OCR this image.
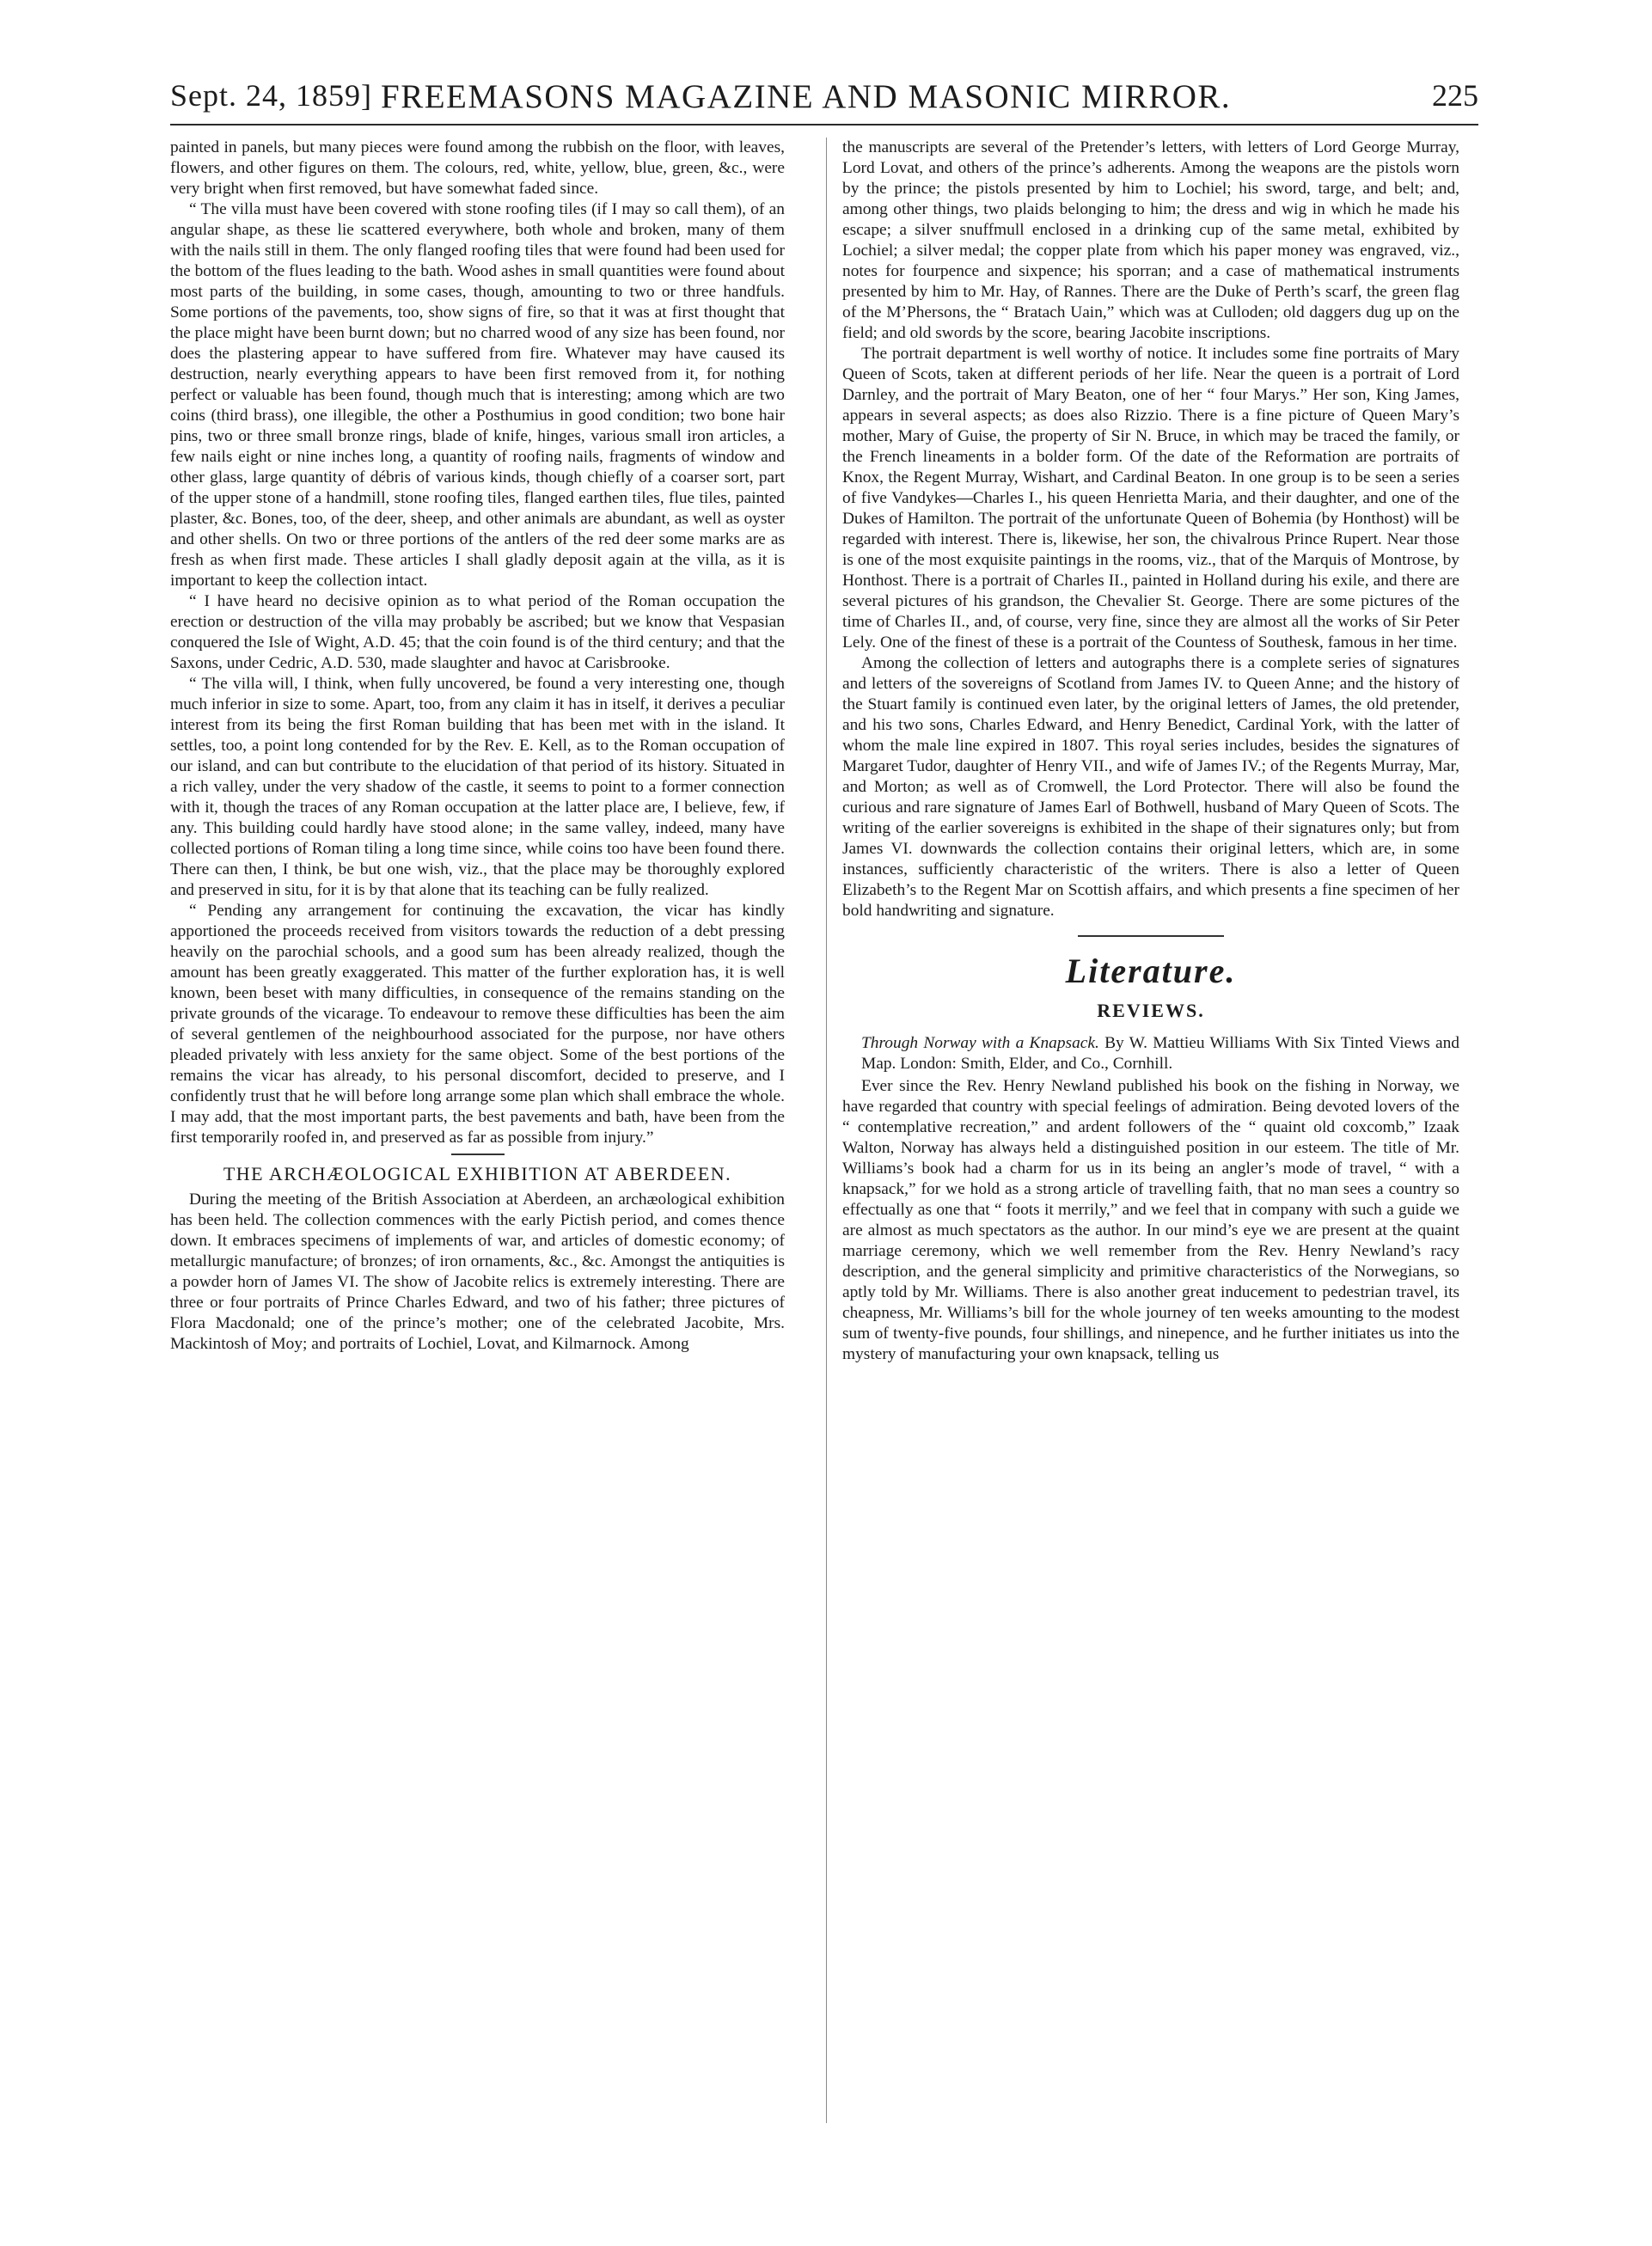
Sept. 24, 1859] FREEMASONS MAGAZINE AND MASONIC MIRROR.	225

painted in panels, but many pieces were found among the rubbish on the floor, with leaves, flowers, and other figures on them. The colours, red, white, yellow, blue, green, &c., were very bright when first removed, but have somewhat faded since.

“ The villa must have been covered with stone roofing tiles (if I may so call them), of an angular shape, as these lie scattered everywhere, both whole and broken, many of them with the nails still in them. The only flanged roofing tiles that were found had been used for the bottom of the flues leading to the bath. Wood ashes in small quantities were found about most parts of the building, in some cases, though, amounting to two or three handfuls. Some portions of the pavements, too, show signs of fire, so that it was at first thought that the place might have been burnt down; but no charred wood of any size has been found, nor does the plastering appear to have suffered from fire. Whatever may have caused its destruction, nearly everything appears to have been first removed from it, for nothing perfect or valuable has been found, though much that is interesting; among which are two coins (third brass), one illegible, the other a Posthumius in good condition; two bone hair pins, two or three small bronze rings, blade of knife, hinges, various small iron articles, a few nails eight or nine inches long, a quantity of roofing nails, fragments of window and other glass, large quantity of débris of various kinds, though chiefly of a coarser sort, part of the upper stone of a handmill, stone roofing tiles, flanged earthen tiles, flue tiles, painted plaster, &c. Bones, too, of the deer, sheep, and other animals are abundant, as well as oyster and other shells. On two or three portions of the antlers of the red deer some marks are as fresh as when first made. These articles I shall gladly deposit again at the villa, as it is important to keep the collection intact.

“ I have heard no decisive opinion as to what period of the Roman occupation the erection or destruction of the villa may probably be ascribed; but we know that Vespasian conquered the Isle of Wight, A.D. 45; that the coin found is of the third century; and that the Saxons, under Cedric, A.D. 530, made slaughter and havoc at Carisbrooke.

“ The villa will, I think, when fully uncovered, be found a very interesting one, though much inferior in size to some. Apart, too, from any claim it has in itself, it derives a peculiar interest from its being the first Roman building that has been met with in the island. It settles, too, a point long contended for by the Rev. E. Kell, as to the Roman occupation of our island, and can but contribute to the elucidation of that period of its history. Situated in a rich valley, under the very shadow of the castle, it seems to point to a former connection with it, though the traces of any Roman occupation at the latter place are, I believe, few, if any. This building could hardly have stood alone; in the same valley, indeed, many have collected portions of Roman tiling a long time since, while coins too have been found there. There can then, I think, be but one wish, viz., that the place may be thoroughly explored and preserved in situ, for it is by that alone that its teaching can be fully realized.

“ Pending any arrangement for continuing the excavation, the vicar has kindly apportioned the proceeds received from visitors towards the reduction of a debt pressing heavily on the parochial schools, and a good sum has been already realized, though the amount has been greatly exaggerated. This matter of the further exploration has, it is well known, been beset with many difficulties, in consequence of the remains standing on the private grounds of the vicarage. To endeavour to remove these difficulties has been the aim of several gentlemen of the neighbourhood associated for the purpose, nor have others pleaded privately with less anxiety for the same object. Some of the best portions of the remains the vicar has already, to his personal discomfort, decided to preserve, and I confidently trust that he will before long arrange some plan which shall embrace the whole. I may add, that the most important parts, the best pavements and bath, have been from the first temporarily roofed in, and preserved as far as possible from injury.”

THE ARCHÆOLOGICAL EXHIBITION AT ABERDEEN.

During the meeting of the British Association at Aberdeen, an archæological exhibition has been held. The collection commences with the early Pictish period, and comes thence down. It embraces specimens of implements of war, and articles of domestic economy; of metallurgic manufacture; of bronzes; of iron ornaments, &c., &c. Amongst the antiquities is a powder horn of James VI. The show of Jacobite relics is extremely interesting. There are three or four portraits of Prince Charles Edward, and two of his father; three pictures of Flora Macdonald; one of the prince’s mother; one of the celebrated Jacobite, Mrs. Mackintosh of Moy; and portraits of Lochiel, Lovat, and Kilmarnock. Among

the manuscripts are several of the Pretender’s letters, with letters of Lord George Murray, Lord Lovat, and others of the prince’s adherents. Among the weapons are the pistols worn by the prince; the pistols presented by him to Lochiel; his sword, targe, and belt; and, among other things, two plaids belonging to him; the dress and wig in which he made his escape; a silver snuffmull enclosed in a drinking cup of the same metal, exhibited by Lochiel; a silver medal; the copper plate from which his paper money was engraved, viz., notes for fourpence and sixpence; his sporran; and a case of mathematical instruments presented by him to Mr. Hay, of Rannes. There are the Duke of Perth’s scarf, the green flag of the M’Phersons, the “ Bratach Uain,” which was at Culloden; old daggers dug up on the field; and old swords by the score, bearing Jacobite inscriptions.

The portrait department is well worthy of notice. It includes some fine portraits of Mary Queen of Scots, taken at different periods of her life. Near the queen is a portrait of Lord Darnley, and the portrait of Mary Beaton, one of her “ four Marys.” Her son, King James, appears in several aspects; as does also Rizzio. There is a fine picture of Queen Mary’s mother, Mary of Guise, the property of Sir N. Bruce, in which may be traced the family, or the French lineaments in a bolder form. Of the date of the Reformation are portraits of Knox, the Regent Murray, Wishart, and Cardinal Beaton. In one group is to be seen a series of five Vandykes—Charles I., his queen Henrietta Maria, and their daughter, and one of the Dukes of Hamilton. The portrait of the unfortunate Queen of Bohemia (by Honthost) will be regarded with interest. There is, likewise, her son, the chivalrous Prince Rupert. Near those is one of the most exquisite paintings in the rooms, viz., that of the Marquis of Montrose, by Honthost. There is a portrait of Charles II., painted in Holland during his exile, and there are several pictures of his grandson, the Chevalier St. George. There are some pictures of the time of Charles II., and, of course, very fine, since they are almost all the works of Sir Peter Lely. One of the finest of these is a portrait of the Countess of Southesk, famous in her time.

Among the collection of letters and autographs there is a complete series of signatures and letters of the sovereigns of Scotland from James IV. to Queen Anne; and the history of the Stuart family is continued even later, by the original letters of James, the old pretender, and his two sons, Charles Edward, and Henry Benedict, Cardinal York, with the latter of whom the male line expired in 1807. This royal series includes, besides the signatures of Margaret Tudor, daughter of Henry VII., and wife of James IV.; of the Regents Murray, Mar, and Morton; as well as of Cromwell, the Lord Protector. There will also be found the curious and rare signature of James Earl of Bothwell, husband of Mary Queen of Scots. The writing of the earlier sovereigns is exhibited in the shape of their signatures only; but from James VI. downwards the collection contains their original letters, which are, in some instances, sufficiently characteristic of the writers. There is also a letter of Queen Elizabeth’s to the Regent Mar on Scottish affairs, and which presents a fine specimen of her bold handwriting and signature.

Literature.
REVIEWS.

Through Norway with a Knapsack. By W. Mattieu Williams With Six Tinted Views and Map. London: Smith, Elder, and Co., Cornhill.

Ever since the Rev. Henry Newland published his book on the fishing in Norway, we have regarded that country with special feelings of admiration. Being devoted lovers of the “ contemplative recreation,” and ardent followers of the “ quaint old coxcomb,” Izaak Walton, Norway has always held a distinguished position in our esteem. The title of Mr. Williams’s book had a charm for us in its being an angler’s mode of travel, “ with a knapsack,” for we hold as a strong article of travelling faith, that no man sees a country so effectually as one that “ foots it merrily,” and we feel that in company with such a guide we are almost as much spectators as the author. In our mind’s eye we are present at the quaint marriage ceremony, which we well remember from the Rev. Henry Newland’s racy description, and the general simplicity and primitive characteristics of the Norwegians, so aptly told by Mr. Williams. There is also another great inducement to pedestrian travel, its cheapness, Mr. Williams’s bill for the whole journey of ten weeks amounting to the modest sum of twenty-five pounds, four shillings, and ninepence, and he further initiates us into the mystery of manufacturing your own knapsack, telling us
